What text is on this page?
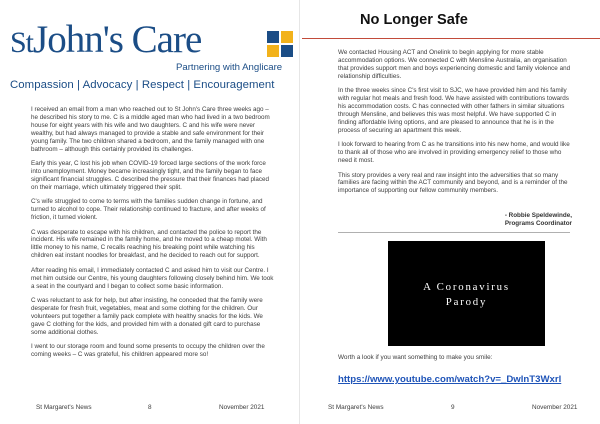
StJohn's Care
Partnering with Anglicare
Compassion | Advocacy | Respect | Encouragement

I received an email from a man who reached out to St John's Care three weeks ago – he described his story to me. C is a middle aged man who had lived in a two bedroom house for eight years with his wife and two daughters. C and his wife were never wealthy, but had always managed to provide a stable and safe environment for their young family. The two children shared a bedroom, and the family managed with one bathroom – although this certainly provided its challenges.

Early this year, C lost his job when COVID-19 forced large sections of the work force into unemployment. Money became increasingly tight, and the family began to face significant financial struggles. C described the pressure that their finances had placed on their marriage, which ultimately triggered their split.

C's wife struggled to come to terms with the families sudden change in fortune, and turned to alcohol to cope. Their relationship continued to fracture, and after weeks of friction, it turned violent.

C was desperate to escape with his children, and contacted the police to report the incident. His wife remained in the family home, and he moved to a cheap motel. With little money to his name, C recalls reaching his breaking point while watching his children eat instant noodles for breakfast, and he decided to reach out for support.

After reading his email, I immediately contacted C and asked him to visit our Centre. I met him outside our Centre, his young daughters following closely behind him. We took a seat in the courtyard and I began to collect some basic information.

C was reluctant to ask for help, but after insisting, he conceded that the family were desperate for fresh fruit, vegetables, meat and some clothing for the children. Our volunteers put together a family pack complete with healthy snacks for the kids. We gave C clothing for the kids, and provided him with a donated gift card to purchase some additional clothes.

I went to our storage room and found some presents to occupy the children over the coming weeks – C was grateful, his children appeared more so!

St Margaret's News	8	November 2021
No Longer Safe

We contacted Housing ACT and Onelink to begin applying for more stable accommodation options. We connected C with Mensline Australia, an organisation that provides support men and boys experiencing domestic and family violence and relationship difficulties.

In the three weeks since C's first visit to SJC, we have provided him and his family with regular hot meals and fresh food. We have assisted with contributions towards his accommodation costs. C has connected with other fathers in similar situations through Mensline, and believes this was most helpful. We have supported C in finding affordable living options, and are pleased to announce that he is in the process of securing an apartment this week.

I look forward to hearing from C as he transitions into his new home, and would like to thank all of those who are involved in providing emergency relief to those who need it most.

This story provides a very real and raw insight into the adversities that so many families are facing within the ACT community and beyond, and is a reminder of the importance of supporting our fellow community members.

- Robbie Speldewinde,
Programs Coordinator
A Coronavirus
Parody
Worth a look if you want something to make you smile:
https://www.youtube.com/watch?v=_DwlnT3Wxrl
St Margaret's News	9	November 2021
